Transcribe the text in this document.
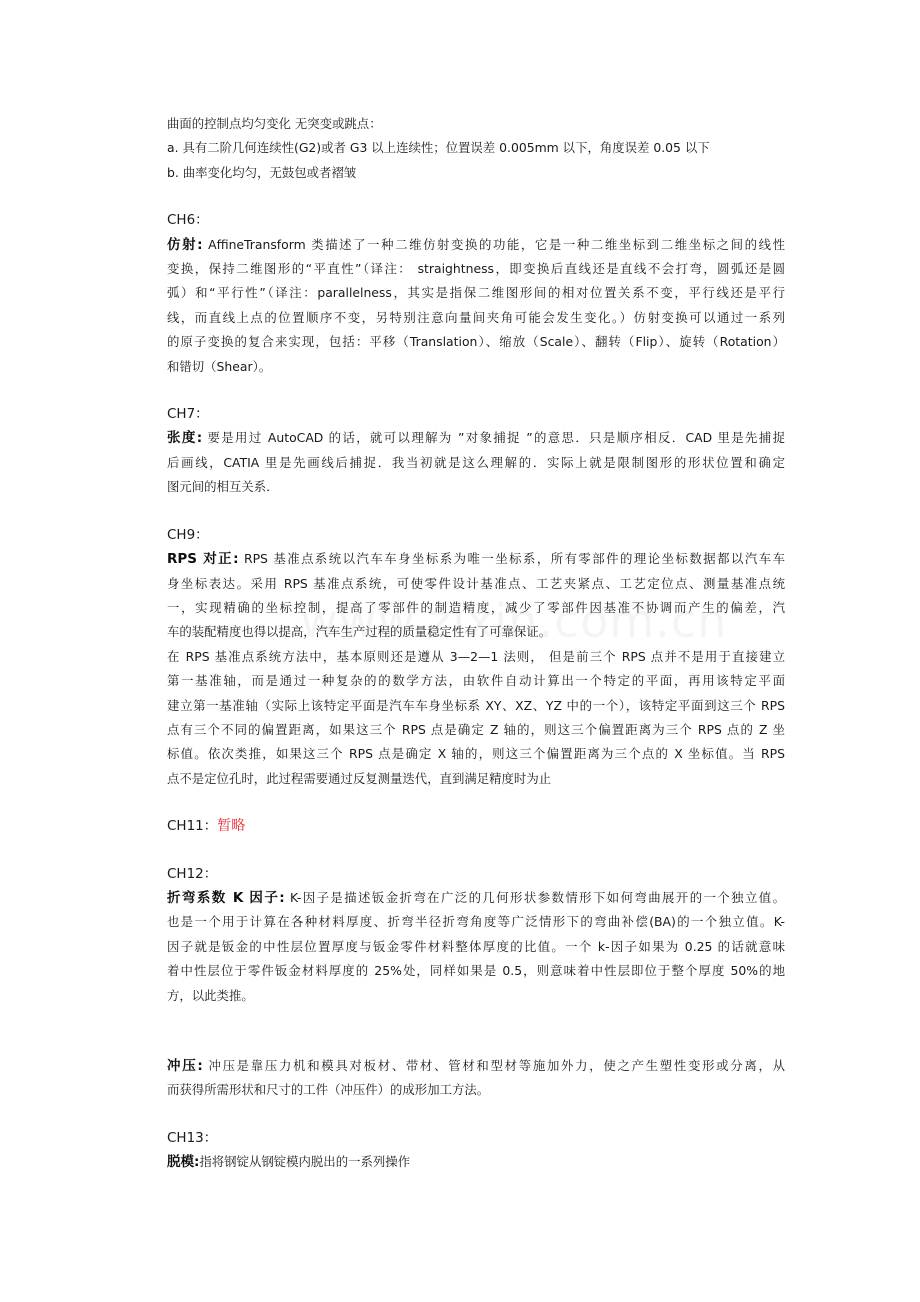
曲面的控制点均匀变化 无突变或跳点：
a. 具有二阶几何连续性(G2)或者 G3 以上连续性；位置误差 0.005mm 以下，角度误差 0.05 以下
b. 曲率变化均匀，无鼓包或者褶皱
CH6：
仿射: AffineTransform 类描述了一种二维仿射变换的功能，它是一种二维坐标到二维坐标之间的线性
变换，保持二维图形的“平直性”（译注： straightness，即变换后直线还是直线不会打弯，圆弧还是圆
弧）和“平行性”（译注：parallelness，其实是指保二维图形间的相对位置关系不变，平行线还是平行
线，而直线上点的位置顺序不变，另特别注意向量间夹角可能会发生变化。）仿射变换可以通过一系列
的原子变换的复合来实现，包括：平移（Translation）、缩放（Scale）、翻转（Flip）、旋转（Rotation）
和错切（Shear）。
CH7：
张度: 要是用过 AutoCAD 的话，就可以理解为 ”对象捕捉 ”的意思．只是顺序相反．CAD 里是先捕捉
后画线，CATIA 里是先画线后捕捉．我当初就是这么理解的．实际上就是限制图形的形状位置和确定
图元间的相互关系．
CH9：
RPS 对正: RPS 基准点系统以汽车车身坐标系为唯一坐标系，所有零部件的理论坐标数据都以汽车车
身坐标表达。采用 RPS 基准点系统，可使零件设计基准点、工艺夹紧点、工艺定位点、测量基准点统
一，实现精确的坐标控制，提高了零部件的制造精度，减少了零部件因基准不协调而产生的偏差，汽
车的装配精度也得以提高，汽车生产过程的质量稳定性有了可靠保证。
在 RPS 基准点系统方法中，基本原则还是遵从 3—2—1 法则， 但是前三个 RPS 点并不是用于直接建立
第一基准轴，而是通过一种复杂的的数学方法，由软件自动计算出一个特定的平面，再用该特定平面
建立第一基准轴（实际上该特定平面是汽车车身坐标系 XY、XZ、YZ 中的一个），该特定平面到这三个 RPS
点有三个不同的偏置距离，如果这三个 RPS 点是确定 Z 轴的，则这三个偏置距离为三个 RPS 点的 Z 坐
标值。依次类推，如果这三个 RPS 点是确定 X 轴的，则这三个偏置距离为三个点的 X 坐标值。当 RPS
点不是定位孔时，此过程需要通过反复测量迭代，直到满足精度时为止
CH11：暂略
CH12：
折弯系数 K 因子: K-因子是描述钣金折弯在广泛的几何形状参数情形下如何弯曲展开的一个独立值。
也是一个用于计算在各种材料厚度、折弯半径折弯角度等广泛情形下的弯曲补偿(BA)的一个独立值。K-
因子就是钣金的中性层位置厚度与钣金零件材料整体厚度的比值。一个 k-因子如果为 0.25 的话就意味
着中性层位于零件钣金材料厚度的 25%处，同样如果是 0.5，则意味着中性层即位于整个厚度 50%的地
方，以此类推。
冲压: 冲压是靠压力机和模具对板材、带材、管材和型材等施加外力，使之产生塑性变形或分离，从
而获得所需形状和尺寸的工件（冲压件）的成形加工方法。
CH13：
脱模:指将钢锭从钢锭模内脱出的一系列操作
